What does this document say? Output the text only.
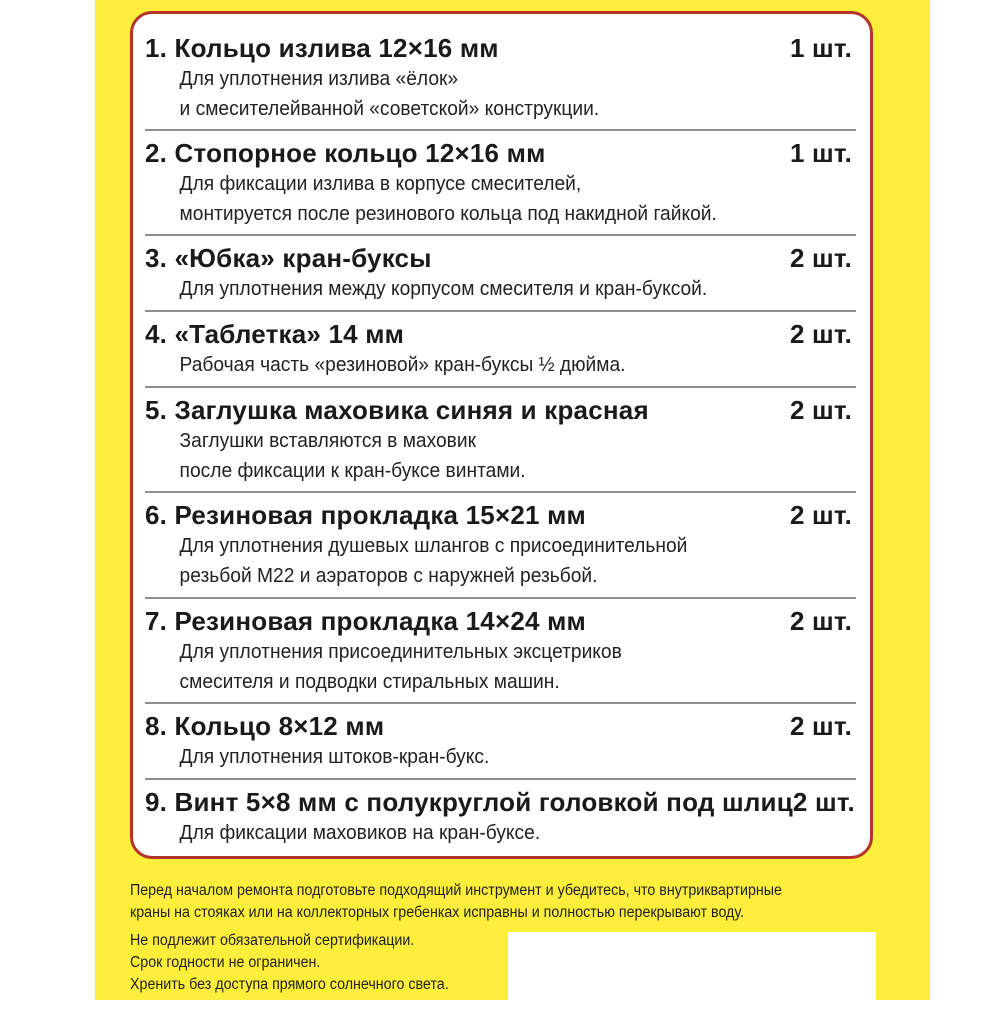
1. Кольцо излива 12×16 мм	1 шт.
Для уплотнения излива «ёлок»
и смесителейванной «советской» конструкции.
2. Стопорное кольцо 12×16 мм	1 шт.
Для фиксации излива в корпусе смесителей,
монтируется после резинового кольца под накидной гайкой.
3. «Юбка» кран-буксы	2 шт.
Для уплотнения между корпусом смесителя и кран-буксой.
4. «Таблетка» 14 мм	2 шт.
Рабочая часть «резиновой» кран-буксы ½ дюйма.
5. Заглушка маховика синяя и красная	2 шт.
Заглушки вставляются в маховик
после фиксации к кран-буксе винтами.
6. Резиновая прокладка 15×21 мм	2 шт.
Для уплотнения душевых шлангов с присоединительной
резьбой М22 и аэраторов с наружней резьбой.
7. Резиновая прокладка 14×24 мм	2 шт.
Для уплотнения присоединительных эксцетриков
смесителя и подводки стиральных машин.
8. Кольцо 8×12 мм	2 шт.
Для уплотнения штоков-кран-букс.
9. Винт 5×8 мм с полукруглой головкой под шлиц 2 шт.
Для фиксации маховиков на кран-буксе.

Перед началом ремонта подготовьте подходящий инструмент и убедитесь, что внутриквартирные

краны на стояках или на коллекторных гребенках исправны и полностью перекрывают воду.

Не подлежит обязательной сертификации.

Срок годности не ограничен.

Хренить без доступа прямого солнечного света.
